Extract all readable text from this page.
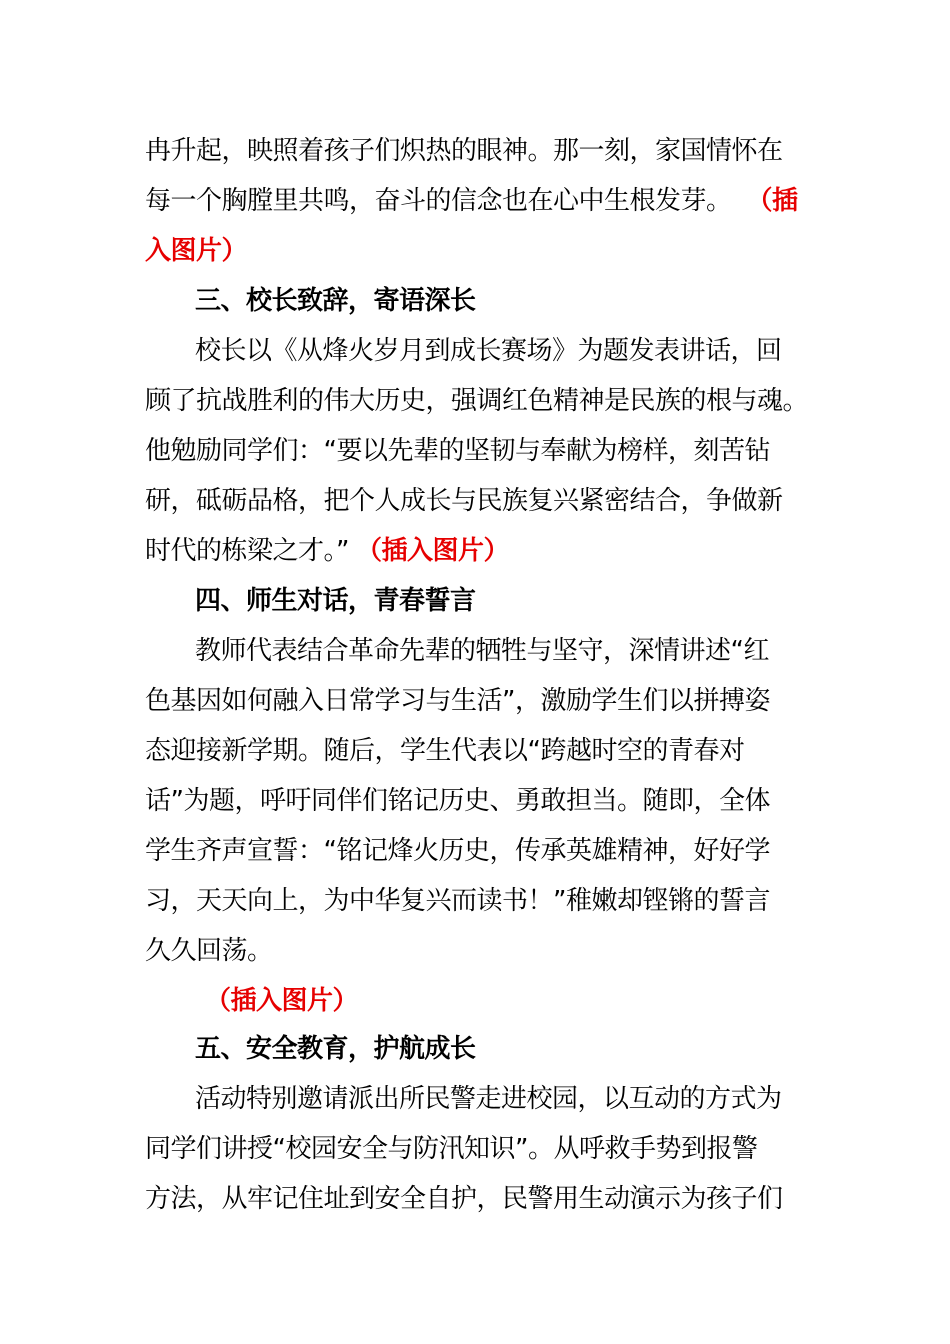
冉升起，映照着孩子们炽热的眼神。那一刻，家国情怀在
每一个胸膛里共鸣，奋斗的信念也在心中生根发芽。 （插
入图片）
三、校长致辞，寄语深长
校长以《从烽火岁月到成长赛场》为题发表讲话，回
顾了抗战胜利的伟大历史，强调红色精神是民族的根与魂。
他勉励同学们：“要以先辈的坚韧与奉献为榜样，刻苦钻
研，砥砺品格，把个人成长与民族复兴紧密结合，争做新
时代的栋梁之才。” （插入图片）
四、师生对话，青春誓言
教师代表结合革命先辈的牺牲与坚守，深情讲述“红
色基因如何融入日常学习与生活”，激励学生们以拼搏姿
态迎接新学期。随后，学生代表以“跨越时空的青春对
话”为题，呼吁同伴们铭记历史、勇敢担当。随即，全体
学生齐声宣誓：“铭记烽火历史，传承英雄精神，好好学
习，天天向上，为中华复兴而读书！”稚嫩却铿锵的誓言
久久回荡。
（插入图片）
五、安全教育，护航成长
活动特别邀请派出所民警走进校园，以互动的方式为
同学们讲授“校园安全与防汛知识”。从呼救手势到报警
方法，从牢记住址到安全自护，民警用生动演示为孩子们
